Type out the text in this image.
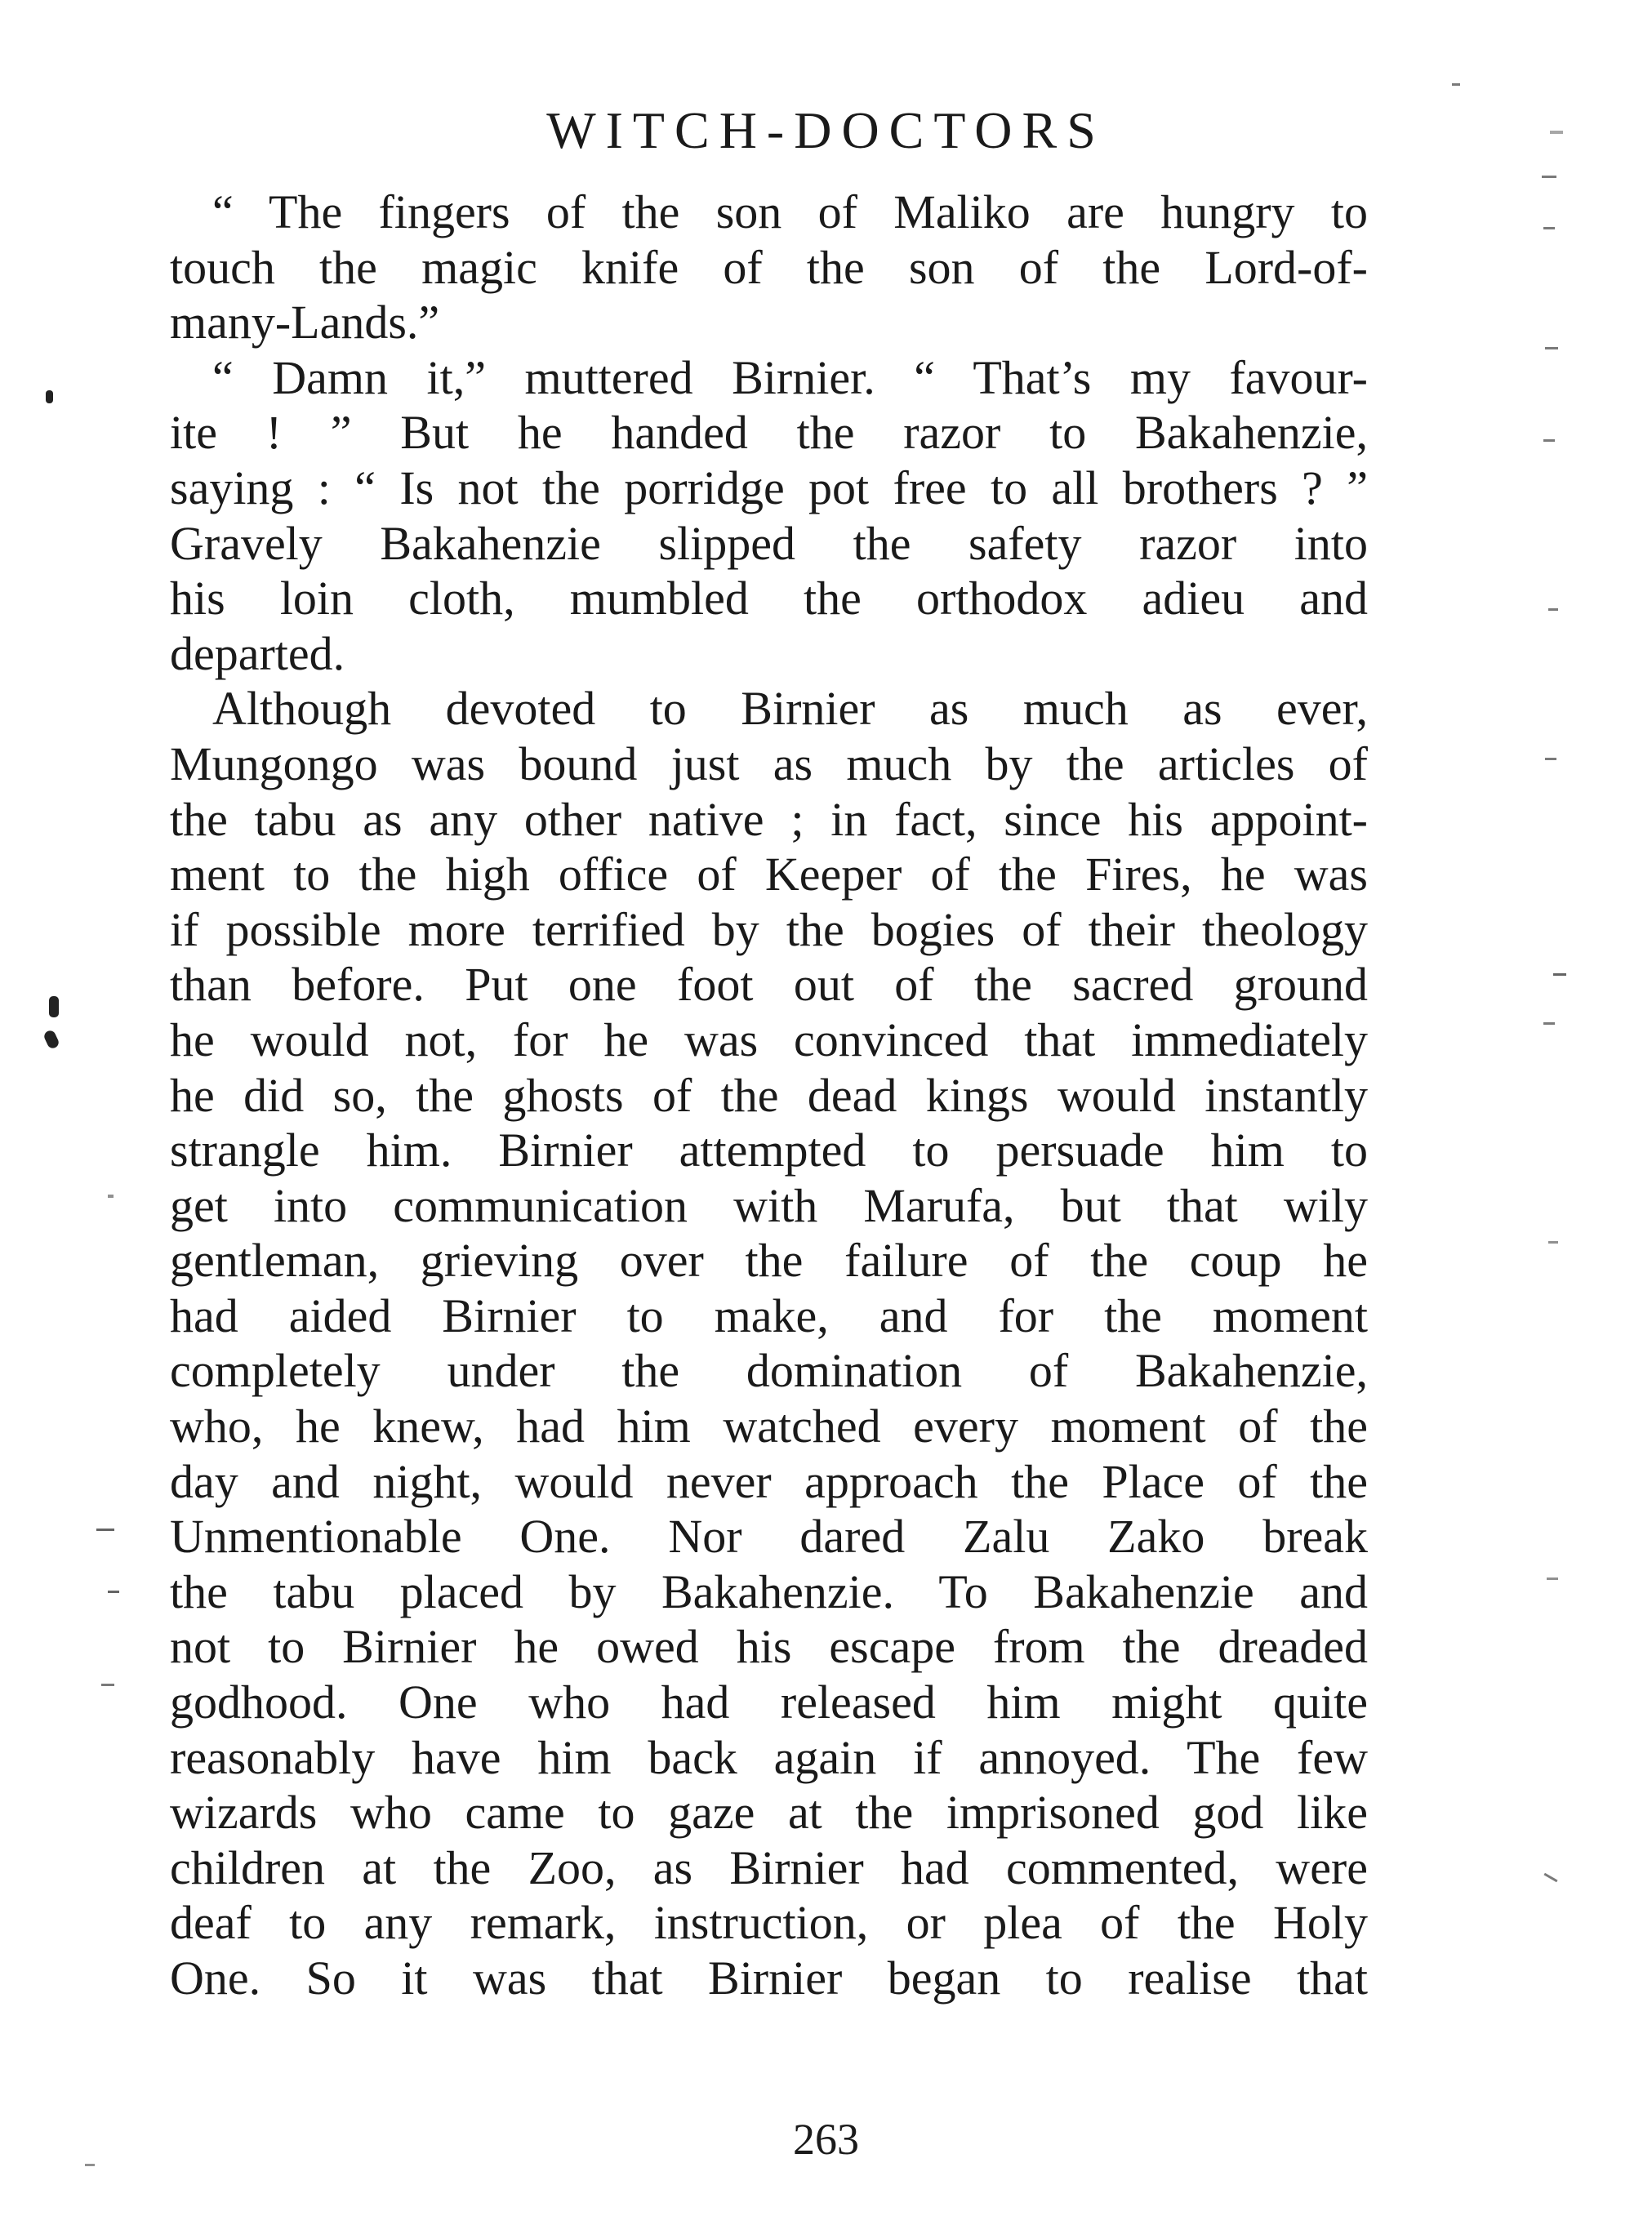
WITCH-DOCTORS
“ The fingers of the son of Maliko are hungry to
touch the magic knife of the son of the Lord-of-
many-Lands.”
“ Damn it,” muttered Birnier. “ That’s my favour-
ite ! ” But he handed the razor to Bakahenzie,
saying : “ Is not the porridge pot free to all brothers ? ”
Gravely Bakahenzie slipped the safety razor into
his loin cloth, mumbled the orthodox adieu and
departed.
Although devoted to Birnier as much as ever,
Mungongo was bound just as much by the articles of
the tabu as any other native ; in fact, since his appoint-
ment to the high office of Keeper of the Fires, he was
if possible more terrified by the bogies of their theology
than before. Put one foot out of the sacred ground
he would not, for he was convinced that immediately
he did so, the ghosts of the dead kings would instantly
strangle him. Birnier attempted to persuade him to
get into communication with Marufa, but that wily
gentleman, grieving over the failure of the coup he
had aided Birnier to make, and for the moment
completely under the domination of Bakahenzie,
who, he knew, had him watched every moment of the
day and night, would never approach the Place of the
Unmentionable One. Nor dared Zalu Zako break
the tabu placed by Bakahenzie. To Bakahenzie and
not to Birnier he owed his escape from the dreaded
godhood. One who had released him might quite
reasonably have him back again if annoyed. The few
wizards who came to gaze at the imprisoned god like
children at the Zoo, as Birnier had commented, were
deaf to any remark, instruction, or plea of the Holy
One. So it was that Birnier began to realise that
263
